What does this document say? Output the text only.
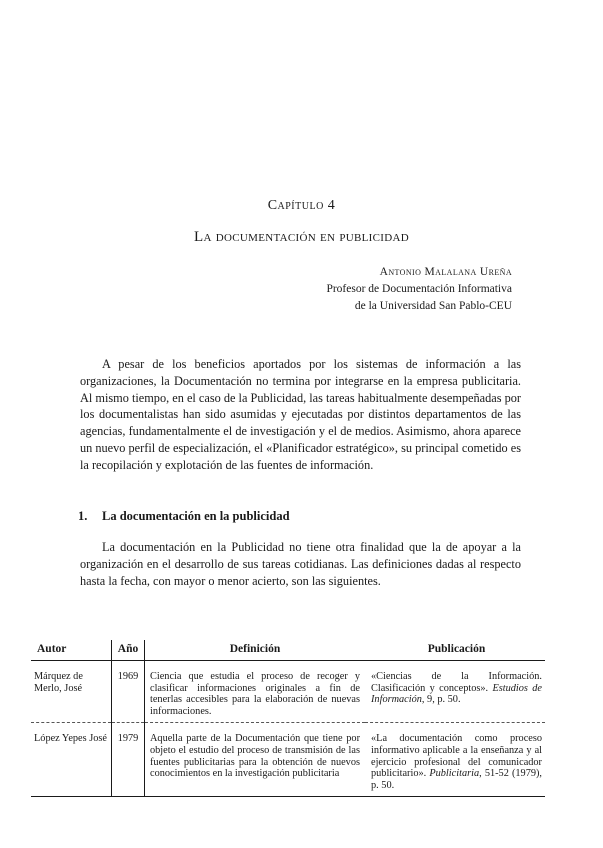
Capítulo 4
La documentación en publicidad
Antonio Malalana Ureña
Profesor de Documentación Informativa
de la Universidad San Pablo-CEU

A pesar de los beneficios aportados por los sistemas de información a las organizaciones, la Documentación no termina por integrarse en la empresa publicitaria. Al mismo tiempo, en el caso de la Publicidad, las tareas habitualmente desempeñadas por los documentalistas han sido asumidas y ejecutadas por distintos departamentos de las agencias, fundamentalmente el de investigación y el de medios. Asimismo, ahora aparece un nuevo perfil de especialización, el «Planificador estratégico», su principal cometido es la recopilación y explotación de las fuentes de información.

1. La documentación en la publicidad

La documentación en la Publicidad no tiene otra finalidad que la de apoyar a la organización en el desarrollo de sus tareas cotidianas. Las definiciones dadas al respecto hasta la fecha, con mayor o menor acierto, son las siguientes.

Autor	Año	Definición	Publicación
Márquez de Merlo, José	1969	Ciencia que estudia el proceso de recoger y clasificar informaciones originales a fin de tenerlas accesibles para la elaboración de nuevas informaciones.	«Ciencias de la Información. Clasificación y conceptos». Estudios de Información, 9, p. 50.
López Yepes José	1979	Aquella parte de la Documentación que tiene por objeto el estudio del proceso de transmisión de las fuentes publicitarias para la obtención de nuevos conocimientos en la investigación publicitaria	«La documentación como proceso informativo aplicable a la enseñanza y al ejercicio profesional del comunicador publicitario». Publicitaria, 51-52 (1979), p. 50.
